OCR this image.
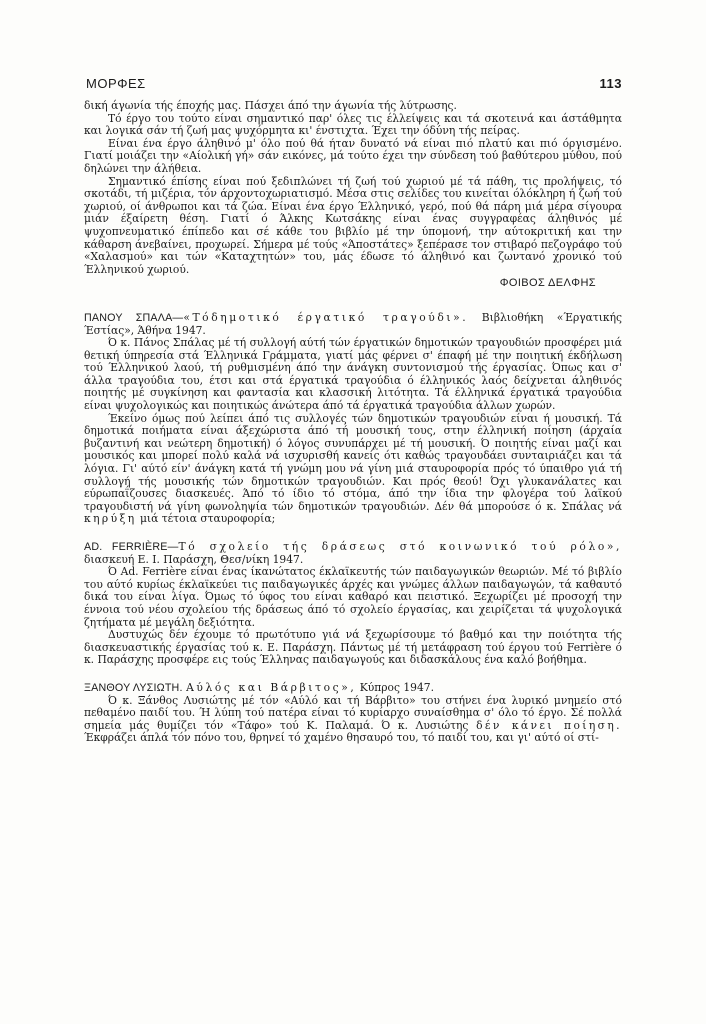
ΜΟΡΦΕΣ	113

δική άγωνία τής έποχής μας. Πάσχει άπό την άγωνία τής λύτρωσης.

Τό έργο του τούτο είναι σημαντικό παρ' όλες τις έλλείψεις και τά σκοτεινά και άστάθμητα και λογικά σάν τή ζωή μας ψυχόρμητα κι' ένστιχτα. Έχει την όδύνη τής πείρας.

Είναι ένα έργο άληθινό μ' όλο πού θά ήταν δυνατό νά είναι πιό πλατύ και πιό όργισμένο. Γιατί μοιάζει την «Αίολική γή» σάν εικόνες, μά τούτο έχει την σύνδεση τού βαθύτερου μύθου, πού δηλώνει την άλήθεια.

Σημαντικό έπίσης είναι πού ξεδιπλώνει τή ζωή τού χωριού μέ τά πάθη, τις προλήψεις, τό σκοτάδι, τή μιζέρια, τόν άρχοντοχωριατισμό. Μέσα στις σελίδες του κινείται όλόκληρη ή ζωή τού χωριού, οί άνθρωποι και τά ζώα. Είναι ένα έργο Έλληνικό, γερό, πού θά πάρη μιά μέρα σίγουρα μιάν έξαίρετη θέση. Γιατί ό Άλκης Κωτσάκης είναι ένας συγγραφέας άληθινός μέ ψυχοπνευματικό έπίπεδο και σέ κάθε του βιβλίο μέ την ύπομονή, την αύτοκριτική και την κάθαρση άνεβαίνει, προχωρεί. Σήμερα μέ τούς «Άποστάτες» ξεπέρασε τον στιβαρό πεζογράφο τού «Χαλασμού» και τών «Καταχτητών» του, μάς έδωσε τό άληθινό και ζωντανό χρονικό τού Έλληνικού χωριού.

ΦΟΙΒΟΣ ΔΕΛΦΗΣ

ΠΑΝΟΥ ΣΠΑΛΑ—«Τόδημοτικό έργατικό τραγούδι». Βιβλιοθήκη «Έργατικής Έστίας», Άθήνα 1947.

Ό κ. Πάνος Σπάλας μέ τή συλλογή αύτή τών έργατικών δημοτικών τραγουδιών προσφέρει μιά θετική ύπηρεσία στά Έλληνικά Γράμματα, γιατί μάς φέρνει σ' έπαφή μέ την ποιητική έκδήλωση τού Έλληνικού λαού, τή ρυθμισμένη άπό την άνάγκη συντονισμού τής έργασίας. Όπως και σ' άλλα τραγούδια του, έτσι και στά έργατικά τραγούδια ό έλληνικός λαός δείχνεται άληθινός ποιητής μέ συγκίνηση και φαντασία και κλασσική λιτότητα. Τά έλληνικά έργατικά τραγούδια είναι ψυχολογικώς και ποιητικώς άνώτερα άπό τά έργατικά τραγούδια άλλων χωρών.

Έκείνο όμως πού λείπει άπό τις συλλογές τών δημοτικών τραγουδιών είναι ή μουσική. Τά δημοτικά ποιήματα είναι άξεχώριστα άπό τή μουσική τους, στην έλληνική ποίηση (άρχαία βυζαντινή και νεώτερη δημοτική) ό λόγος συνυπάρχει μέ τή μουσική. Ό ποιητής είναι μαζί και μουσικός και μπορεί πολύ καλά νά ισχυρισθή κανείς ότι καθώς τραγουδάει συνταιριάζει και τά λόγια. Γι' αύτό είν' άνάγκη κατά τή γνώμη μου νά γίνη μιά σταυροφορία πρός τό ύπαιθρο γιά τή συλλογή τής μουσικής τών δημοτικών τραγουδιών. Και πρός θεού! Όχι γλυκανάλατες και εύρωπαΐζουσες διασκευές. Άπό τό ίδιο τό στόμα, άπό την ίδια την φλογέρα τού λαϊκού τραγουδιστή νά γίνη φωνοληψία τών δημοτικών τραγουδιών. Δέν θά μπορούσε ό κ. Σπάλας νά κηρύξη μιά τέτοια σταυροφορία;

AD. FERRIÈRE—Τό σχολείο τής δράσεως στό κοινωνικό τού ρόλο», διασκευή Ε. Ι. Παράσχη, Θεσ/νίκη 1947.

Ό Ad. Ferrière είναι ένας ίκανώτατος έκλαϊκευτής τών παιδαγωγικών θεωριών. Μέ τό βιβλίο του αύτό κυρίως έκλαϊκεύει τις παιδαγωγικές άρχές και γνώμες άλλων παιδαγωγών, τά καθαυτό δικά του είναι λίγα. Όμως τό ύφος του είναι καθαρό και πειστικό. Ξεχωρίζει μέ προσοχή την έννοια τού νέου σχολείου τής δράσεως άπό τό σχολείο έργασίας, και χειρίζεται τά ψυχολογικά ζητήματα μέ μεγάλη δεξιότητα.

Δυστυχώς δέν έχουμε τό πρωτότυπο γιά νά ξεχωρίσουμε τό βαθμό και την ποιότητα τής διασκευαστικής έργασίας τού κ. Ε. Παράσχη. Πάντως μέ τή μετάφραση τού έργου τού Ferrière ό κ. Παράσχης προσφέρε εις τούς Έλληνας παιδαγωγούς και διδασκάλους ένα καλό βοήθημα.

ΞΑΝΘΟΥ ΛΥΣΙΩΤΗ. Αύλός και Βάρβιτος», Κύπρος 1947.

Ό κ. Ξάνθος Λυσιώτης μέ τόν «Αύλό και τή Βάρβιτο» του στήνει ένα λυρικό μνημείο στό πεθαμένο παιδί του. Ή λύπη τού πατέρα είναι τό κυρίαρχο συναίσθημα σ' όλο τό έργο. Σέ πολλά σημεία μάς θυμίζει τόν «Τάφο» τού Κ. Παλαμά. Ό κ. Λυσιώτης δέν κάνει ποίηση. Έκφράζει άπλά τόν πόνο του, θρηνεί τό χαμένο θησαυρό του, τό παιδί του, και γι' αύτό οί στί-
